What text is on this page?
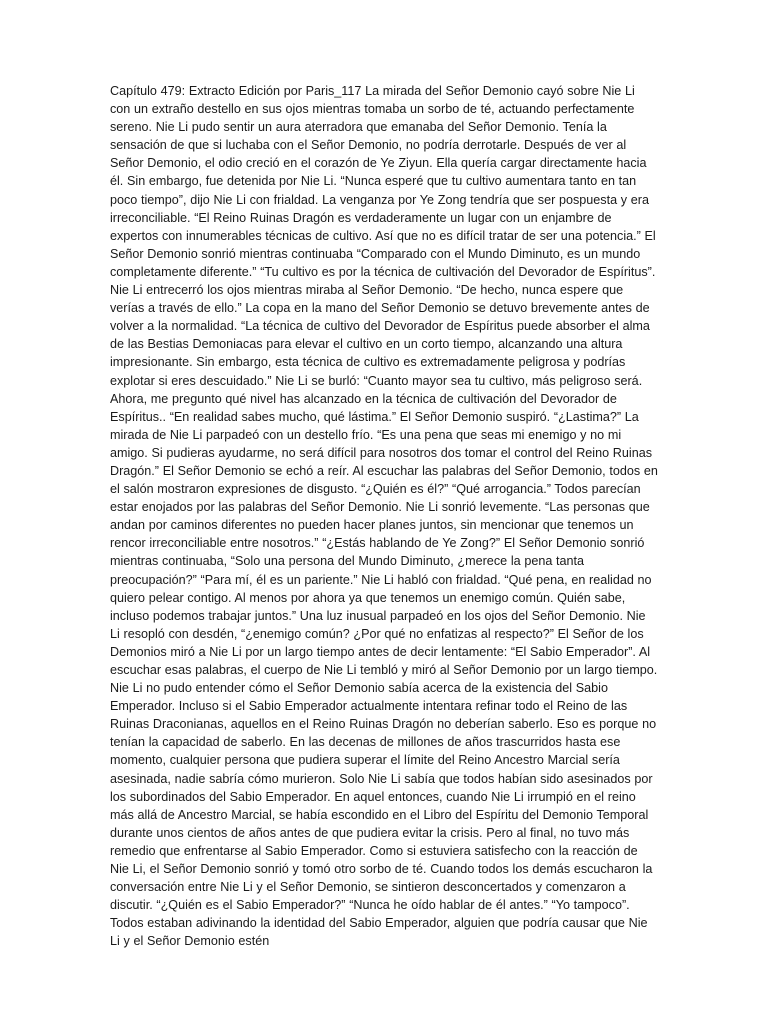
Capítulo 479: Extracto Edición por Paris_117 La mirada del Señor Demonio cayó sobre Nie Li con un extraño destello en sus ojos mientras tomaba un sorbo de té, actuando perfectamente sereno. Nie Li pudo sentir un aura aterradora que emanaba del Señor Demonio. Tenía la sensación de que si luchaba con el Señor Demonio, no podría derrotarle. Después de ver al Señor Demonio, el odio creció en el corazón de Ye Ziyun. Ella quería cargar directamente hacia él. Sin embargo, fue detenida por Nie Li. “Nunca esperé que tu cultivo aumentara tanto en tan poco tiempo”, dijo Nie Li con frialdad. La venganza por Ye Zong tendría que ser pospuesta y era irreconciliable. “El Reino Ruinas Dragón es verdaderamente un lugar con un enjambre de expertos con innumerables técnicas de cultivo. Así que no es difícil tratar de ser una potencia.” El Señor Demonio sonrió mientras continuaba “Comparado con el Mundo Diminuto, es un mundo completamente diferente.” “Tu cultivo es por la técnica de cultivación del Devorador de Espíritus”. Nie Li entrecerró los ojos mientras miraba al Señor Demonio. “De hecho, nunca espere que verías a través de ello.” La copa en la mano del Señor Demonio se detuvo brevemente antes de volver a la normalidad. “La técnica de cultivo del Devorador de Espíritus puede absorber el alma de las Bestias Demoniacas para elevar el cultivo en un corto tiempo, alcanzando una altura impresionante. Sin embargo, esta técnica de cultivo es extremadamente peligrosa y podrías explotar si eres descuidado.” Nie Li se burló: “Cuanto mayor sea tu cultivo, más peligroso será. Ahora, me pregunto qué nivel has alcanzado en la técnica de cultivación del Devorador de Espíritus.. “En realidad sabes mucho, qué lástima.” El Señor Demonio suspiró. “¿Lastima?” La mirada de Nie Li parpadeó con un destello frío. “Es una pena que seas mi enemigo y no mi amigo. Si pudieras ayudarme, no será difícil para nosotros dos tomar el control del Reino Ruinas Dragón.” El Señor Demonio se echó a reír. Al escuchar las palabras del Señor Demonio, todos en el salón mostraron expresiones de disgusto. “¿Quién es él?” “Qué arrogancia.” Todos parecían estar enojados por las palabras del Señor Demonio. Nie Li sonrió levemente. “Las personas que andan por caminos diferentes no pueden hacer planes juntos, sin mencionar que tenemos un rencor irreconciliable entre nosotros.” “¿Estás hablando de Ye Zong?” El Señor Demonio sonrió mientras continuaba, “Solo una persona del Mundo Diminuto, ¿merece la pena tanta preocupación?” “Para mí, él es un pariente.” Nie Li habló con frialdad. “Qué pena, en realidad no quiero pelear contigo. Al menos por ahora ya que tenemos un enemigo común. Quién sabe, incluso podemos trabajar juntos.” Una luz inusual parpadeó en los ojos del Señor Demonio. Nie Li resopló con desdén, “¿enemigo común? ¿Por qué no enfatizas al respecto?” El Señor de los Demonios miró a Nie Li por un largo tiempo antes de decir lentamente: “El Sabio Emperador”. Al escuchar esas palabras, el cuerpo de Nie Li tembló y miró al Señor Demonio por un largo tiempo. Nie Li no pudo entender cómo el Señor Demonio sabía acerca de la existencia del Sabio Emperador. Incluso si el Sabio Emperador actualmente intentara refinar todo el Reino de las Ruinas Draconianas, aquellos en el Reino Ruinas Dragón no deberían saberlo. Eso es porque no tenían la capacidad de saberlo. En las decenas de millones de años trascurridos hasta ese momento, cualquier persona que pudiera superar el límite del Reino Ancestro Marcial sería asesinada, nadie sabría cómo murieron. Solo Nie Li sabía que todos habían sido asesinados por los subordinados del Sabio Emperador. En aquel entonces, cuando Nie Li irrumpió en el reino más allá de Ancestro Marcial, se había escondido en el Libro del Espíritu del Demonio Temporal durante unos cientos de años antes de que pudiera evitar la crisis. Pero al final, no tuvo más remedio que enfrentarse al Sabio Emperador. Como si estuviera satisfecho con la reacción de Nie Li, el Señor Demonio sonrió y tomó otro sorbo de té. Cuando todos los demás escucharon la conversación entre Nie Li y el Señor Demonio, se sintieron desconcertados y comenzaron a discutir. “¿Quién es el Sabio Emperador?” “Nunca he oído hablar de él antes.” “Yo tampoco”. Todos estaban adivinando la identidad del Sabio Emperador, alguien que podría causar que Nie Li y el Señor Demonio estén
